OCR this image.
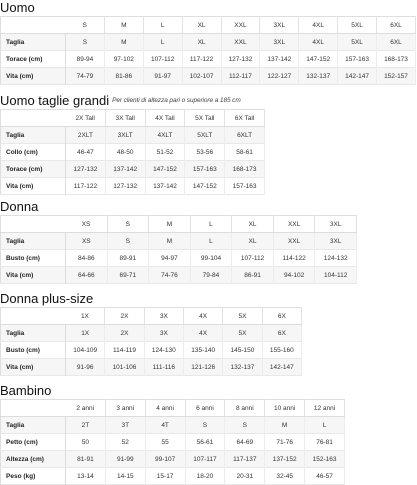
Uomo
	S	M	L	XL	XXL	3XL	4XL	5XL	6XL
Taglia	S	M	L	XL	XXL	3XL	4XL	5XL	6XL
Torace (cm)	89-94	97-102	107-112	117-122	127-132	137-142	147-152	157-163	168-173
Vita (cm)	74-79	81-86	91-97	102-107	112-117	122-127	132-137	142-147	152-157
Uomo taglie grandi $^{Per clienti di altezza pari o superiore a 185 cm}$
	2X Tall	3X Tall	4X Tall	5X Tall	6X Tall
Taglia	2XLT	3XLT	4XLT	5XLT	6XLT
Collo (cm)	46-47	48-50	51-52	53-56	58-61
Torace (cm)	127-132	137-142	147-152	157-163	168-173
Vita (cm)	117-122	127-132	137-142	147-152	157-163
Donna
	XS	S	M	L	XL	XXL	3XL
Taglia	XS	S	M	L	XL	XXL	3XL
Busto (cm)	84-86	89-91	94-97	99-104	107-112	114-122	124-132
Vita (cm)	64-66	69-71	74-76	79-84	86-91	94-102	104-112
Donna plus-size
	1X	2X	3X	4X	5X	6X
Taglia	1X	2X	3X	4X	5X	6X
Busto (cm)	104-109	114-119	124-130	135-140	145-150	155-160
Vita (cm)	91-96	101-106	111-116	121-126	132-137	142-147
Bambino
	2 anni	3 anni	4 anni	6 anni	8 anni	10 anni	12 anni
Taglia	2T	3T	4T	S	S	M	L
Petto (cm)	50	52	55	56-61	64-69	71-76	76-81
Altezza (cm)	81-91	91-99	99-107	107-117	117-137	137-152	152-163
Peso (kg)	13-14	14-15	15-17	18-20	20-31	32-45	46-57
